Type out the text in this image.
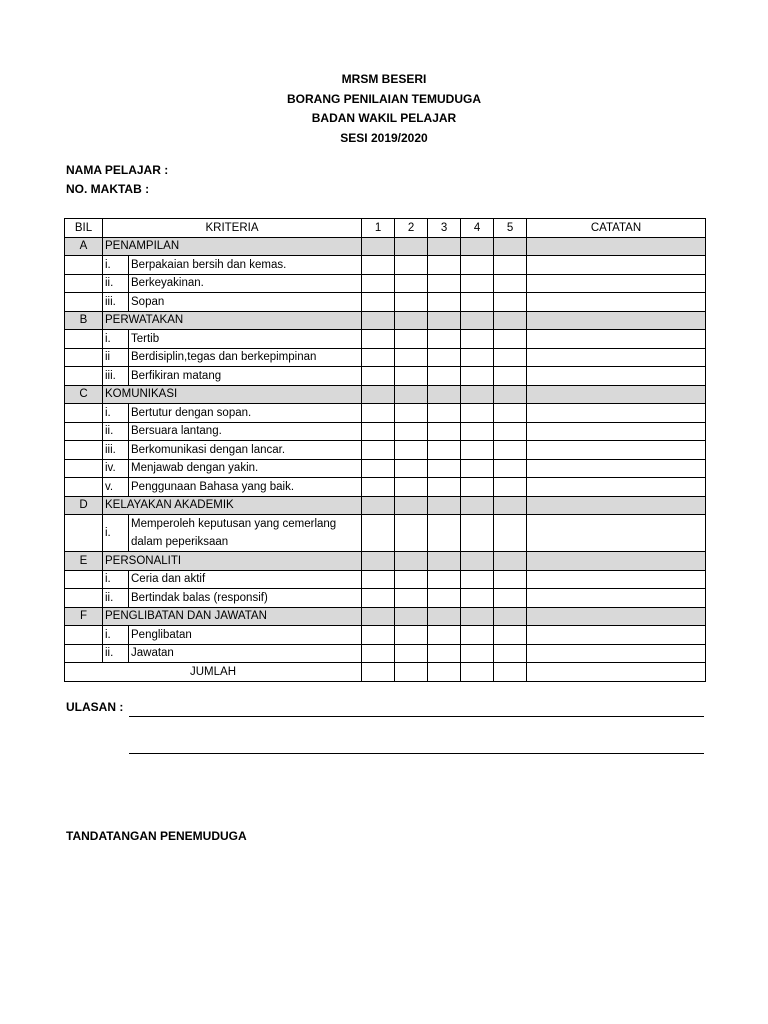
MRSM BESERI
BORANG PENILAIAN TEMUDUGA
BADAN WAKIL PELAJAR
SESI 2019/2020
NAMA PELAJAR :
NO. MAKTAB :
BIL	KRITERIA		1	2	3	4	5	CATATAN
A	PENAMPILAN							
	i.	Berpakaian bersih dan kemas.						
	ii.	Berkeyakinan.						
	iii.	Sopan						
B	PERWATAKAN							
	i.	Tertib						
	ii	Berdisiplin,tegas dan berkepimpinan						
	iii.	Berfikiran matang						
C	KOMUNIKASI							
	i.	Bertutur dengan sopan.						
	ii.	Bersuara lantang.						
	iii.	Berkomunikasi dengan lancar.						
	iv.	Menjawab dengan yakin.						
	v.	Penggunaan Bahasa yang baik.						
D	KELAYAKAN AKADEMIK							
	i.	Memperoleh keputusan yang cemerlang dalam peperiksaan						
E	PERSONALITI							
	i.	Ceria dan aktif						
	ii.	Bertindak balas (responsif)						
F	PENGLIBATAN DAN JAWATAN							
	i.	Penglibatan						
	ii.	Jawatan						
JUMLAH								
ULASAN :
TANDATANGAN PENEMUDUGA
